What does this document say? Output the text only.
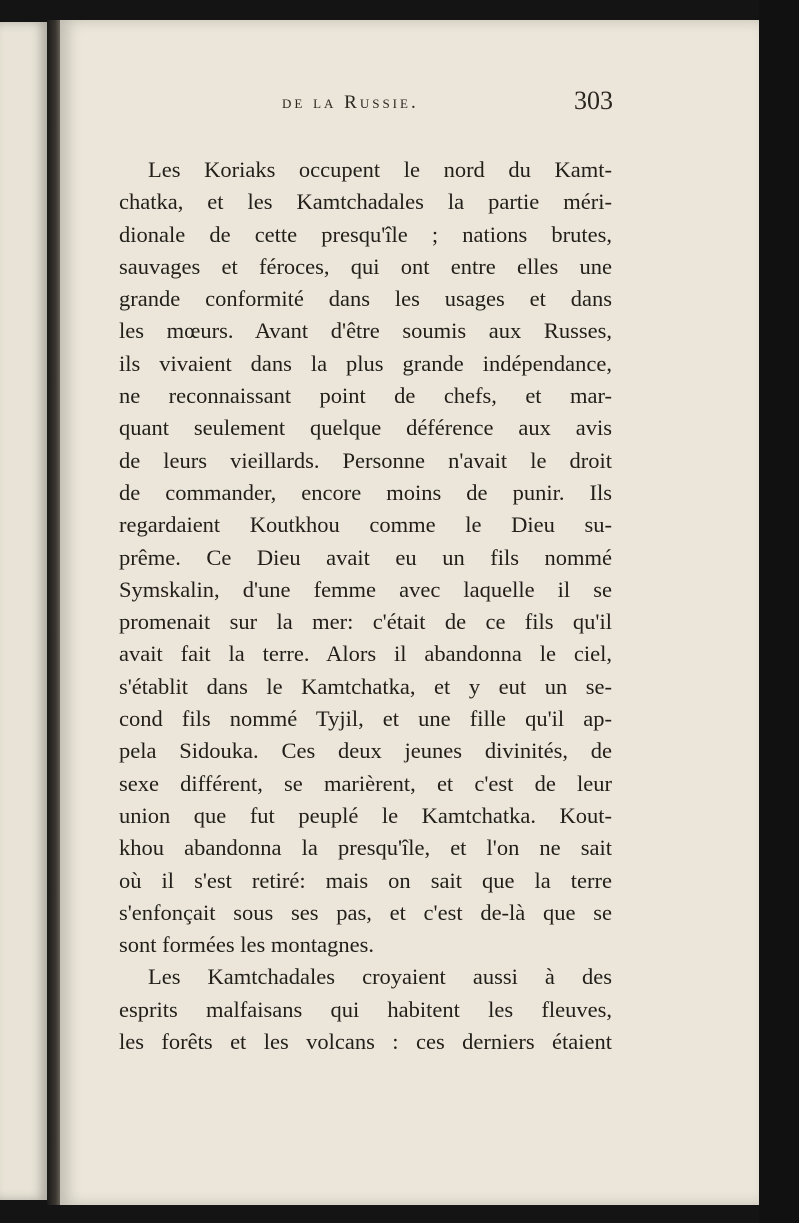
de la Russie.	303
Les Koriaks occupent le nord du Kamt-
chatka, et les Kamtchadales la partie méri-
dionale de cette presqu'île ; nations brutes,
sauvages et féroces, qui ont entre elles une
grande conformité dans les usages et dans
les mœurs. Avant d'être soumis aux Russes,
ils vivaient dans la plus grande indépendance,
ne reconnaissant point de chefs, et mar-
quant seulement quelque déférence aux avis
de leurs vieillards. Personne n'avait le droit
de commander, encore moins de punir. Ils
regardaient Koutkhou comme le Dieu su-
prême. Ce Dieu avait eu un fils nommé
Symskalin, d'une femme avec laquelle il se
promenait sur la mer: c'était de ce fils qu'il
avait fait la terre. Alors il abandonna le ciel,
s'établit dans le Kamtchatka, et y eut un se-
cond fils nommé Tyjil, et une fille qu'il ap-
pela Sidouka. Ces deux jeunes divinités, de
sexe différent, se marièrent, et c'est de leur
union que fut peuplé le Kamtchatka. Kout-
khou abandonna la presqu'île, et l'on ne sait
où il s'est retiré: mais on sait que la terre
s'enfonçait sous ses pas, et c'est de-là que se
sont formées les montagnes.
Les Kamtchadales croyaient aussi à des
esprits malfaisans qui habitent les fleuves,
les forêts et les volcans : ces derniers étaient
